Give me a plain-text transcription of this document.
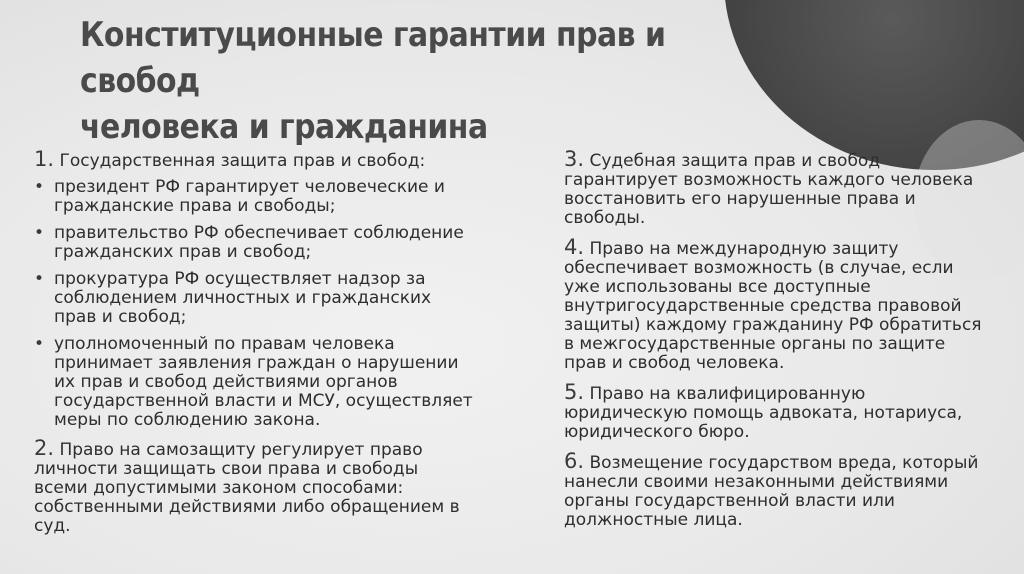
Конституционные гарантии прав и свобод
человека и гражданина
1. Государственная защита прав и свобод:
• президент РФ гарантирует человеческие и гражданские права и свободы;
• правительство РФ обеспечивает соблюдение гражданских прав и свобод;
• прокуратура РФ осуществляет надзор за соблюдением личностных и гражданских прав и свобод;
• уполномоченный по правам человека принимает заявления граждан о нарушении их прав и свобод действиями органов государственной власти и МСУ, осуществляет меры по соблюдению закона.
2. Право на самозащиту регулирует право личности защищать свои права и свободы всеми допустимыми законом способами: собственными действиями либо обращением в суд.
3. Судебная защита прав и свобод гарантирует возможность каждого человека восстановить его нарушенные права и свободы.
4. Право на международную защиту обеспечивает возможность (в случае, если уже использованы все доступные внутригосударственные средства правовой защиты) каждому гражданину РФ обратиться в межгосударственные органы по защите прав и свобод человека.
5. Право на квалифицированную юридическую помощь адвоката, нотариуса, юридического бюро.
6. Возмещение государством вреда, который нанесли своими незаконными действиями органы государственной власти или должностные лица.
